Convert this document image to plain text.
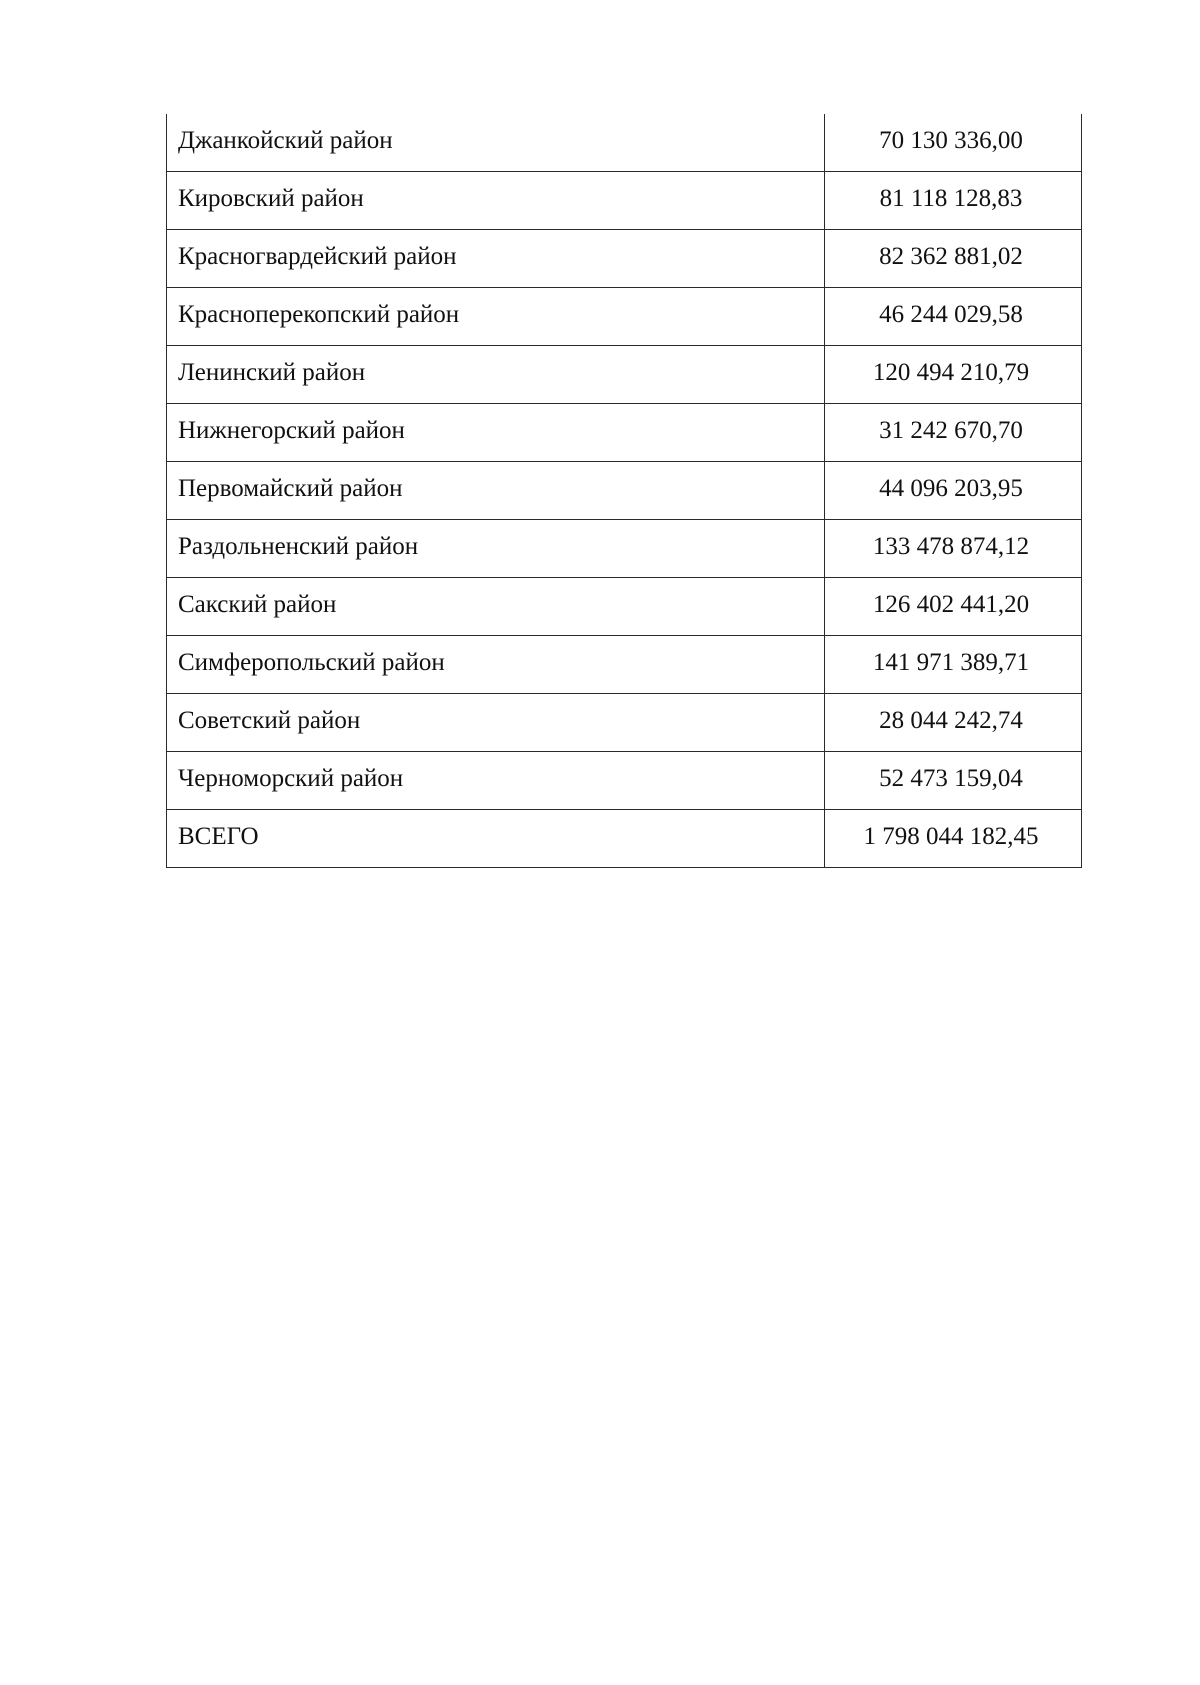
Джанкойский район	70 130 336,00
Кировский район	81 118 128,83
Красногвардейский район	82 362 881,02
Красноперекопский район	46 244 029,58
Ленинский район	120 494 210,79
Нижнегорский район	31 242 670,70
Первомайский район	44 096 203,95
Раздольненский район	133 478 874,12
Сакский район	126 402 441,20
Симферопольский район	141 971 389,71
Советский район	28 044 242,74
Черноморский район	52 473 159,04
ВСЕГО	1 798 044 182,45
